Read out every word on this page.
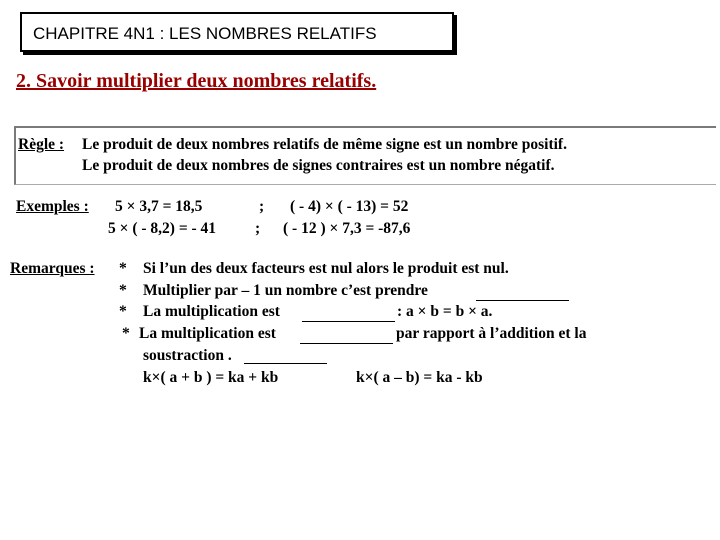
CHAPITRE 4N1 : LES NOMBRES RELATIFS
2. Savoir multiplier deux nombres relatifs.
Règle : Le produit de deux nombres relatifs de même signe est un nombre positif.
Le produit de deux nombres de signes contraires est un nombre négatif.
Exemples : 5 × 3,7 = 18,5	; ( - 4) × ( - 13) = 52
5 × ( - 8,2) = - 41	; ( - 12 ) × 7,3 = -87,6
Remarques : * Si l’un des deux facteurs est nul alors le produit est nul.
* Multiplier par – 1 un nombre c’est prendre
* La multiplication est	: a × b = b × a.
* La multiplication est	par rapport à l’addition et la
soustraction .
k×( a + b ) = ka + kb	k×( a – b) = ka - kb
